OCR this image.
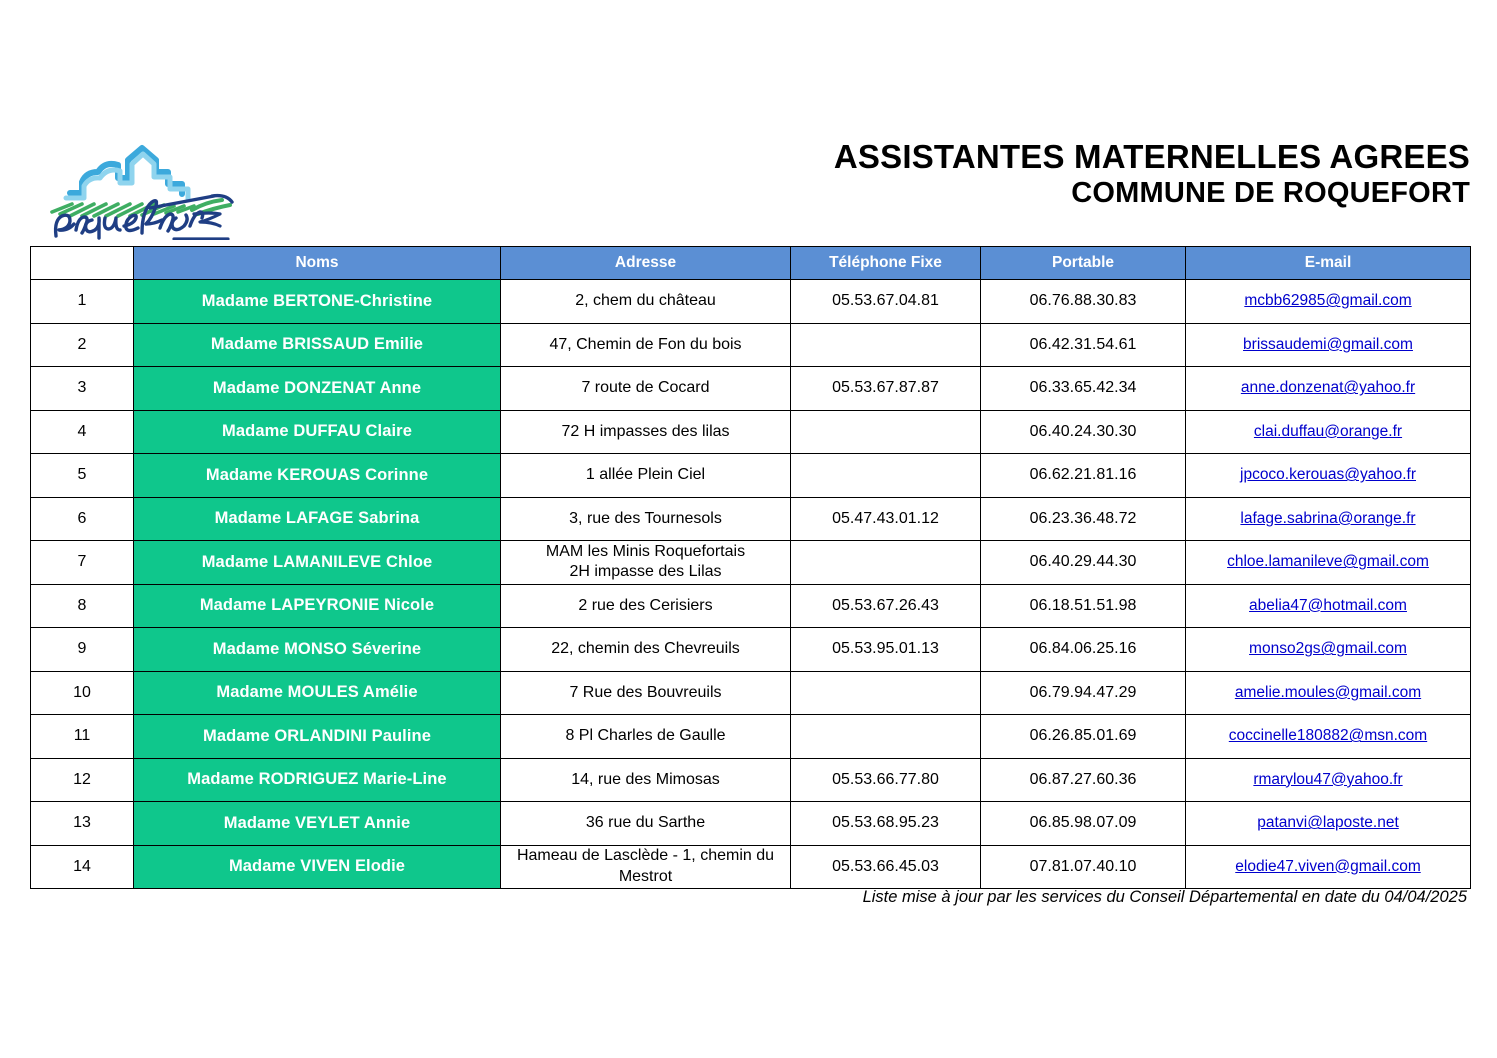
ASSISTANTES MATERNELLES AGREES
COMMUNE DE ROQUEFORT
	Noms	Adresse	Téléphone Fixe	Portable	E-mail
1	Madame BERTONE-Christine	2, chem du château	05.53.67.04.81	06.76.88.30.83	mcbb62985@gmail.com
2	Madame BRISSAUD Emilie	47, Chemin de Fon du bois		06.42.31.54.61	brissaudemi@gmail.com
3	Madame DONZENAT Anne	7 route de Cocard	05.53.67.87.87	06.33.65.42.34	anne.donzenat@yahoo.fr
4	Madame DUFFAU Claire	72 H impasses des lilas		06.40.24.30.30	clai.duffau@orange.fr
5	Madame KEROUAS Corinne	1 allée Plein Ciel		06.62.21.81.16	jpcoco.kerouas@yahoo.fr
6	Madame LAFAGE Sabrina	3, rue des Tournesols	05.47.43.01.12	06.23.36.48.72	lafage.sabrina@orange.fr
7	Madame LAMANILEVE Chloe	MAM les Minis Roquefortais
2H impasse des Lilas		06.40.29.44.30	chloe.lamanileve@gmail.com
8	Madame LAPEYRONIE Nicole	2 rue des Cerisiers	05.53.67.26.43	06.18.51.51.98	abelia47@hotmail.com
9	Madame MONSO Séverine	22, chemin des Chevreuils	05.53.95.01.13	06.84.06.25.16	monso2gs@gmail.com
10	Madame MOULES Amélie	7 Rue des Bouvreuils		06.79.94.47.29	amelie.moules@gmail.com
11	Madame ORLANDINI Pauline	8 Pl Charles de Gaulle		06.26.85.01.69	coccinelle180882@msn.com
12	Madame RODRIGUEZ Marie-Line	14, rue des Mimosas	05.53.66.77.80	06.87.27.60.36	rmarylou47@yahoo.fr
13	Madame VEYLET Annie	36 rue du Sarthe	05.53.68.95.23	06.85.98.07.09	patanvi@laposte.net
14	Madame VIVEN Elodie	Hameau de Lasclède - 1, chemin du
Mestrot	05.53.66.45.03	07.81.07.40.10	elodie47.viven@gmail.com
Liste mise à jour par les services du Conseil Départemental en date du 04/04/2025
